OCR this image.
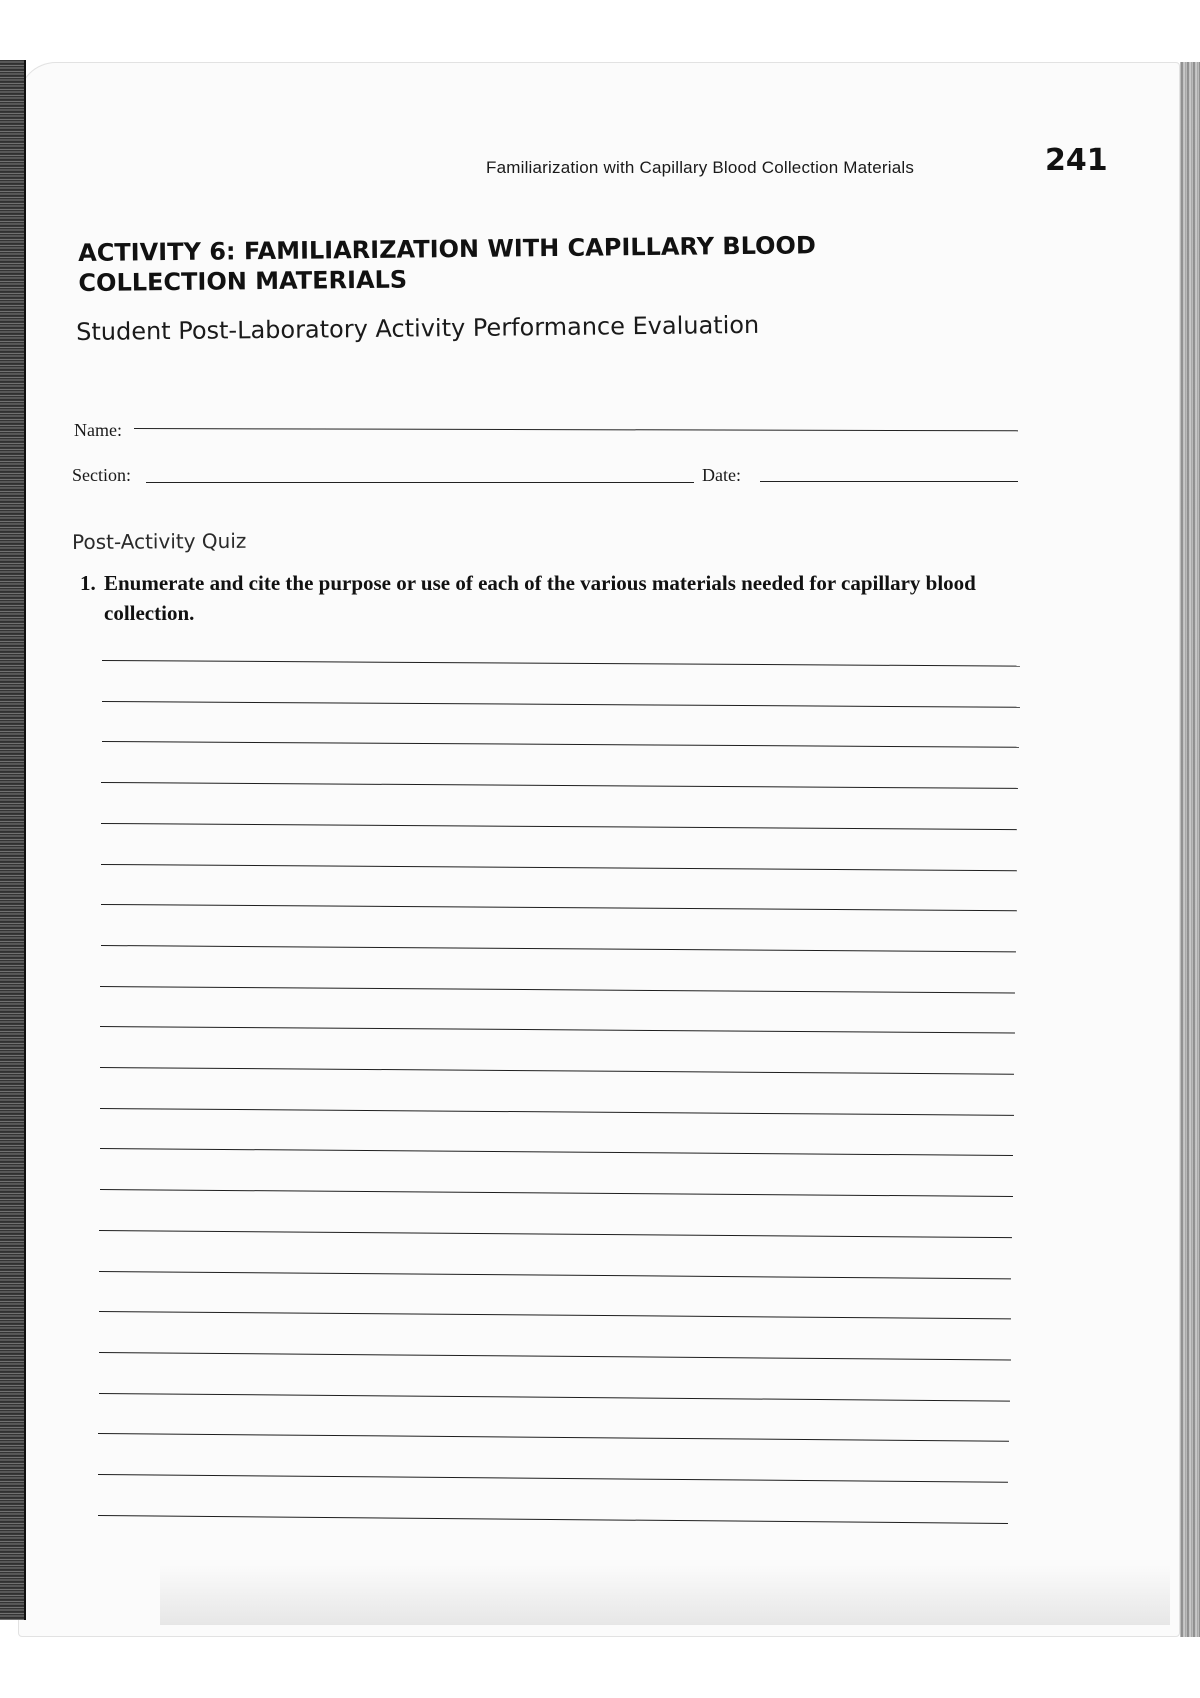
Familiarization with Capillary Blood Collection Materials	241
ACTIVITY 6: FAMILIARIZATION WITH CAPILLARY BLOOD COLLECTION MATERIALS
Student Post-Laboratory Activity Performance Evaluation
Name:
Section:	Date:
Post-Activity Quiz
1. Enumerate and cite the purpose or use of each of the various materials needed for capillary blood collection.
